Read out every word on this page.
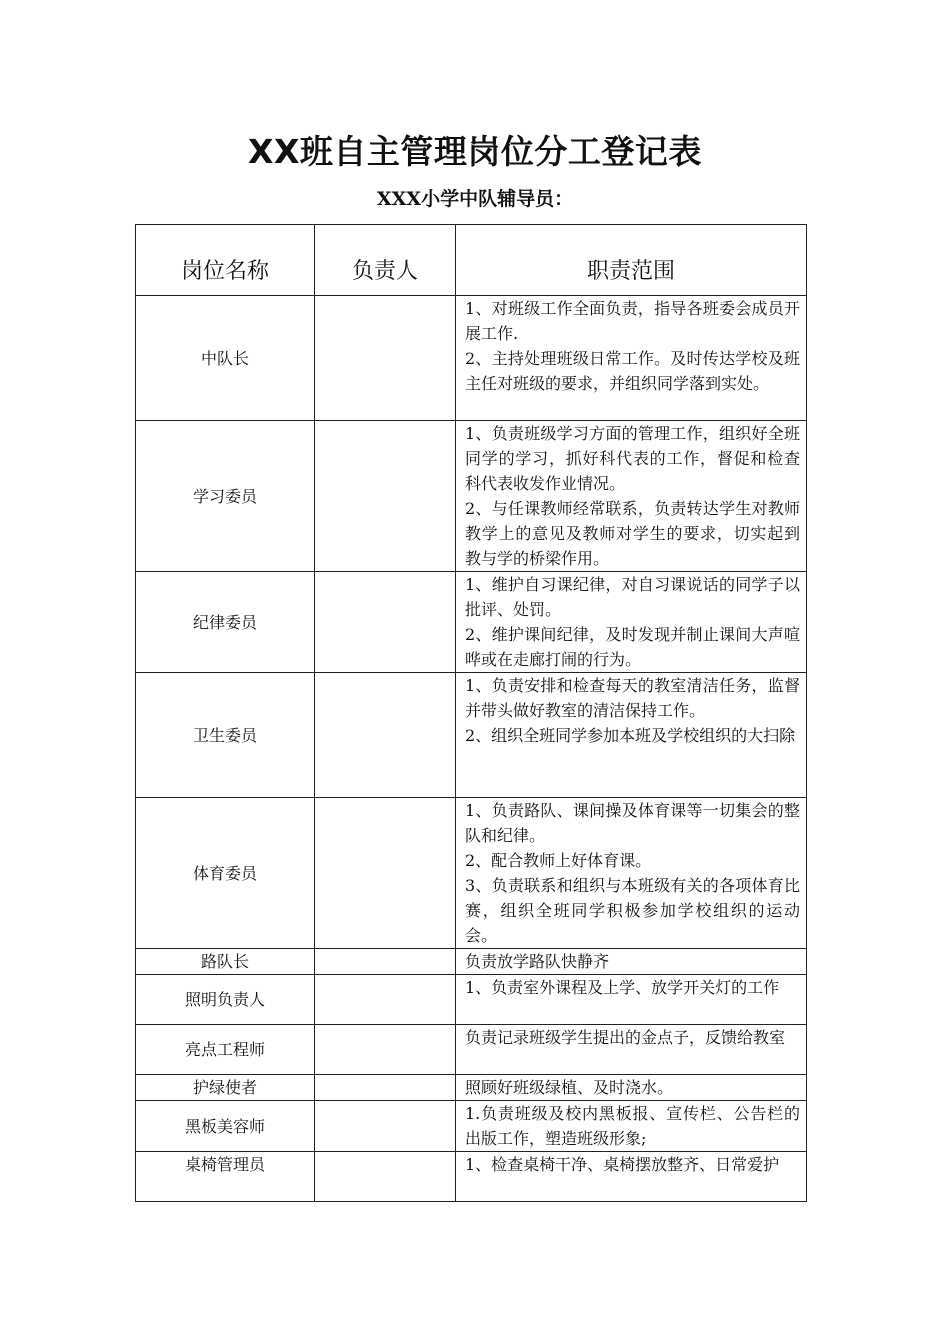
XX班自主管理岗位分工登记表
XXX小学中队辅导员：
岗位名称	负责人	职责范围
中队长		1、对班级工作全面负责，指导各班委会成员开展工作.
2、主持处理班级日常工作。及时传达学校及班主任对班级的要求，并组织同学落到实处。

学习委员		1、负责班级学习方面的管理工作，组织好全班同学的学习，抓好科代表的工作，督促和检查科代表收发作业情况。
2、与任课教师经常联系，负责转达学生对教师教学上的意见及教师对学生的要求，切实起到教与学的桥梁作用。

纪律委员		1、维护自习课纪律，对自习课说话的同学子以批评、处罚。
2、维护课间纪律，及时发现并制止课间大声喧哗或在走廊打闹的行为。

卫生委员		1、负责安排和检查每天的教室清洁任务，监督并带头做好教室的清洁保持工作。
2、组织全班同学参加本班及学校组织的大扫除

体育委员		1、负责路队、课间操及体育课等一切集会的整队和纪律。
2、配合教师上好体育课。
3、负责联系和组织与本班级有关的各项体育比赛，组织全班同学积极参加学校组织的运动会。

路队长		负责放学路队快静齐

照明负责人		1、负责室外课程及上学、放学开关灯的工作

亮点工程师		负责记录班级学生提出的金点子，反馈给教室

护绿使者		照顾好班级绿植、及时浇水。

黑板美容师		1.负责班级及校内黑板报、宣传栏、公告栏的出版工作，塑造班级形象;

桌椅管理员		1、检查桌椅干净、桌椅摆放整齐、日常爱护
